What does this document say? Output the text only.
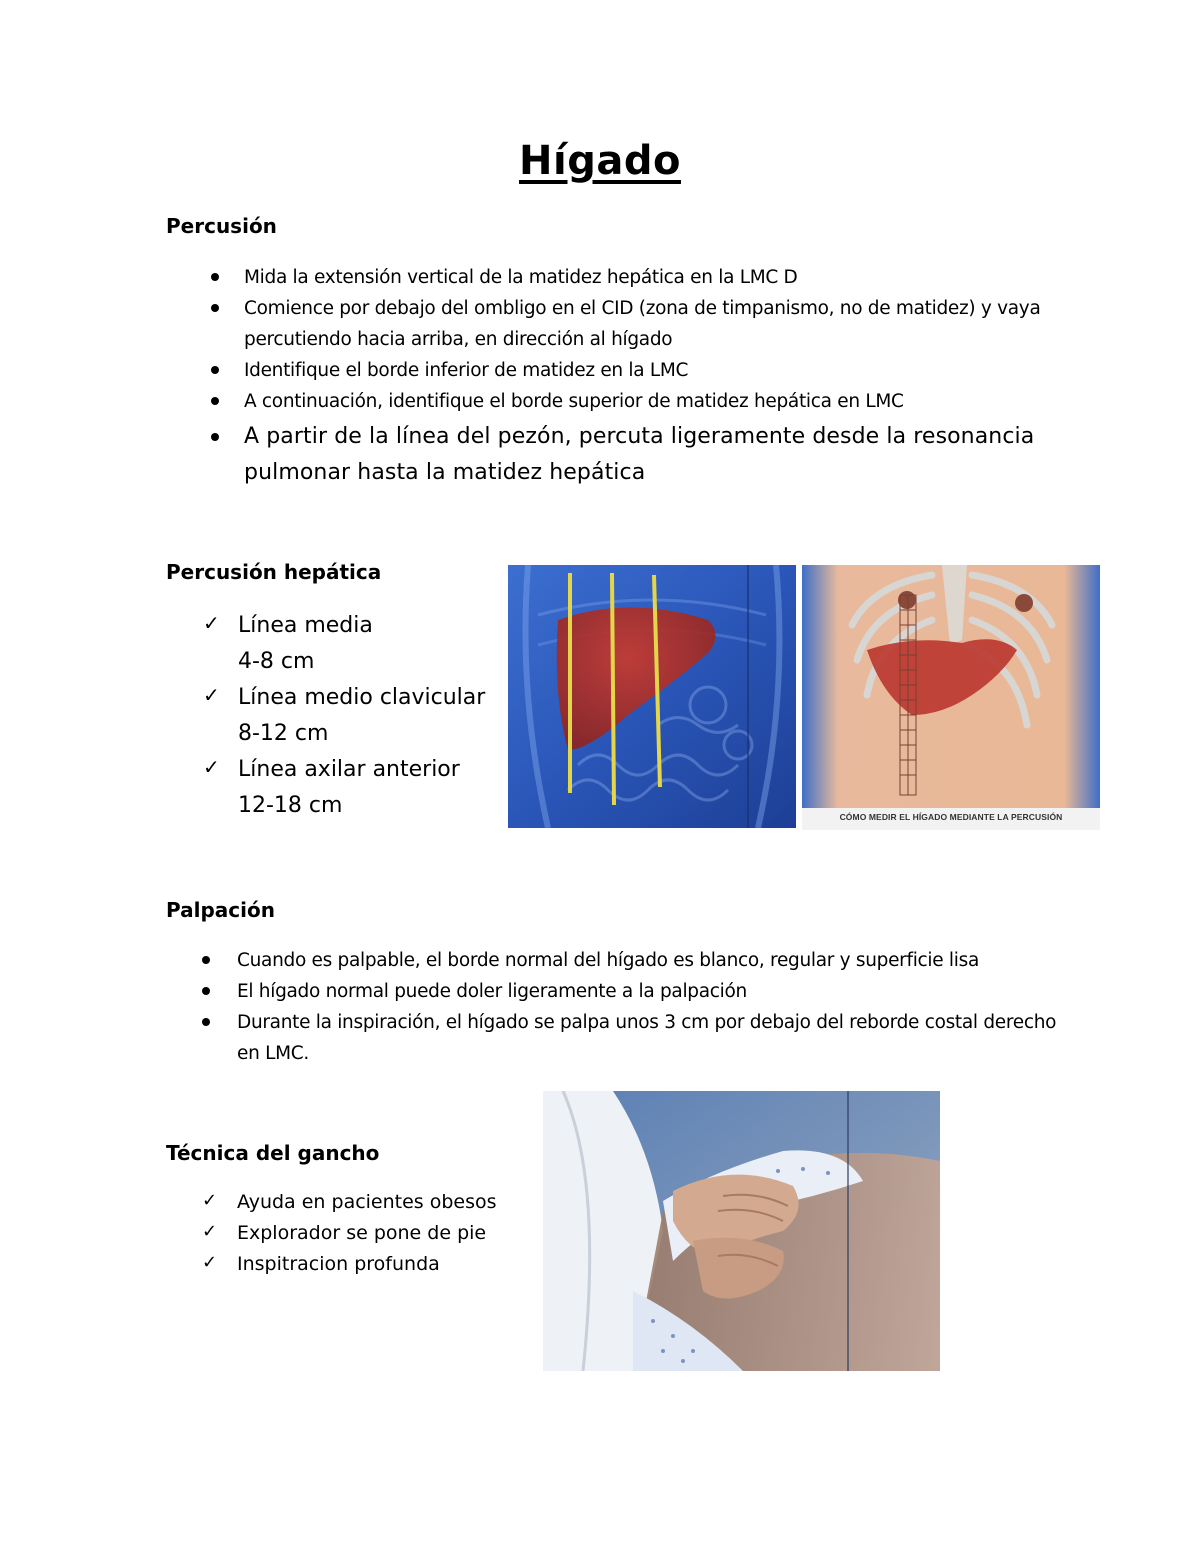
Hígado
Percusión
Mida la extensión vertical de la matidez hepática en la LMC D
Comience por debajo del ombligo en el CID (zona de timpanismo, no de matidez) y vaya percutiendo hacia arriba, en dirección al hígado
Identifique el borde inferior de matidez en la LMC
A continuación, identifique el borde superior de matidez hepática en LMC
A partir de la línea del pezón, percuta ligeramente desde la resonancia pulmonar hasta la matidez hepática
Percusión hepática
✓ Línea media
4-8 cm
✓ Línea medio clavicular
8-12 cm
✓ Línea axilar anterior
12-18 cm	CÓMO MEDIR EL HÍGADO MEDIANTE LA PERCUSIÓN
Palpación
Cuando es palpable, el borde normal del hígado es blanco, regular y superficie lisa
El hígado normal puede doler ligeramente a la palpación
Durante la inspiración, el hígado se palpa unos 3 cm por debajo del reborde costal derecho en LMC.
Técnica del gancho
✓ Ayuda en pacientes obesos
✓ Explorador se pone de pie
✓ Inspitracion profunda
